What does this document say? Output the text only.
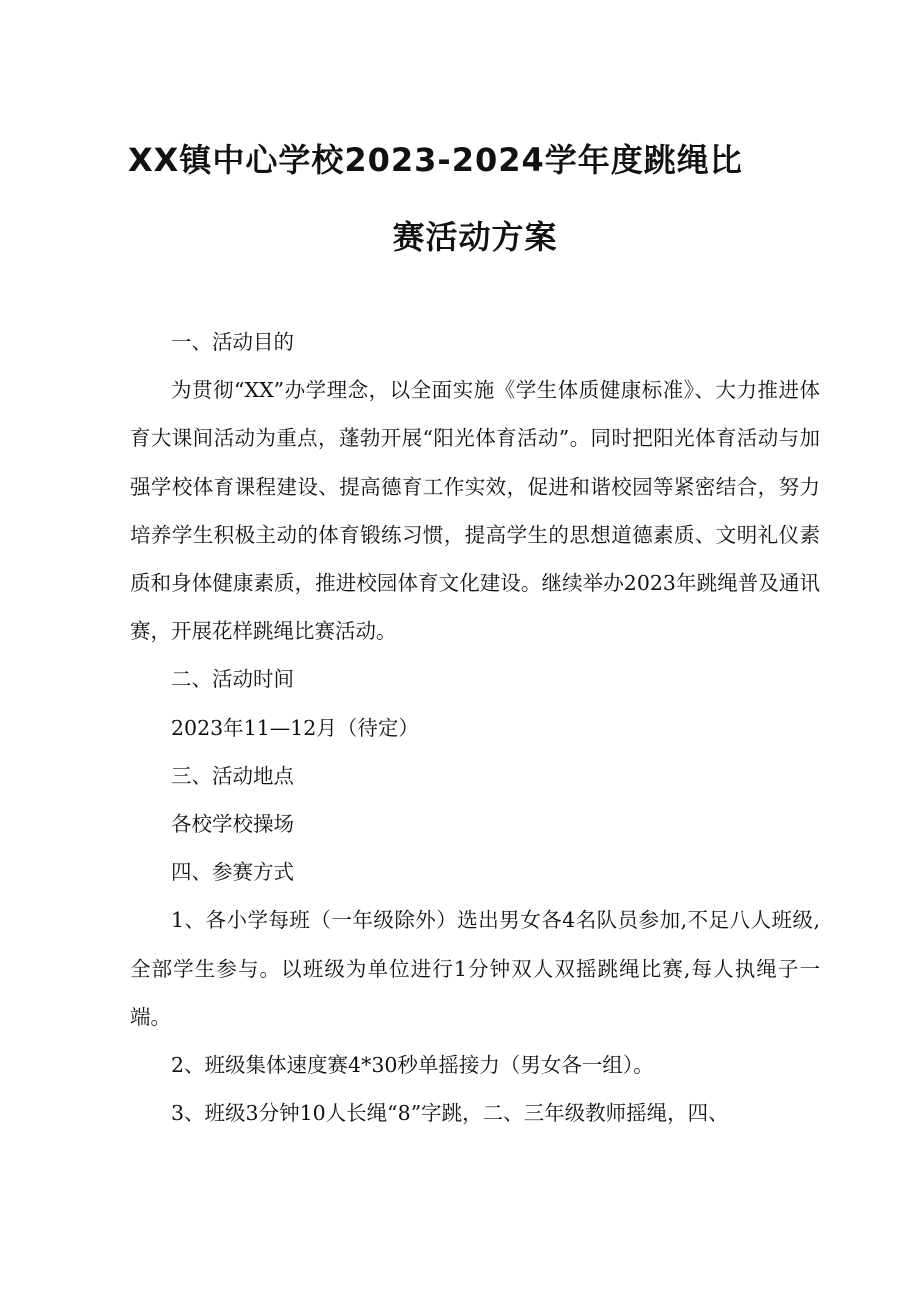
XX镇中心学校2023-2024学年度跳绳比
赛活动方案

一、活动目的

为贯彻“XX”办学理念，以全面实施《学生体质健康标准》、大力推进体育大课间活动为重点，蓬勃开展“阳光体育活动”。同时把阳光体育活动与加强学校体育课程建设、提高德育工作实效，促进和谐校园等紧密结合，努力培养学生积极主动的体育锻练习惯，提高学生的思想道德素质、文明礼仪素质和身体健康素质，推进校园体育文化建设。继续举办2023年跳绳普及通讯赛，开展花样跳绳比赛活动。

二、活动时间

2023年11—12月（待定）

三、活动地点

各校学校操场

四、参赛方式

1、各小学每班（一年级除外）选出男女各4名队员参加,不足八人班级,全部学生参与。以班级为单位进行1分钟双人双摇跳绳比赛,每人执绳子一端。

2、班级集体速度赛4*30秒单摇接力（男女各一组）。

3、班级3分钟10人长绳“8”字跳，二、三年级教师摇绳，四、
